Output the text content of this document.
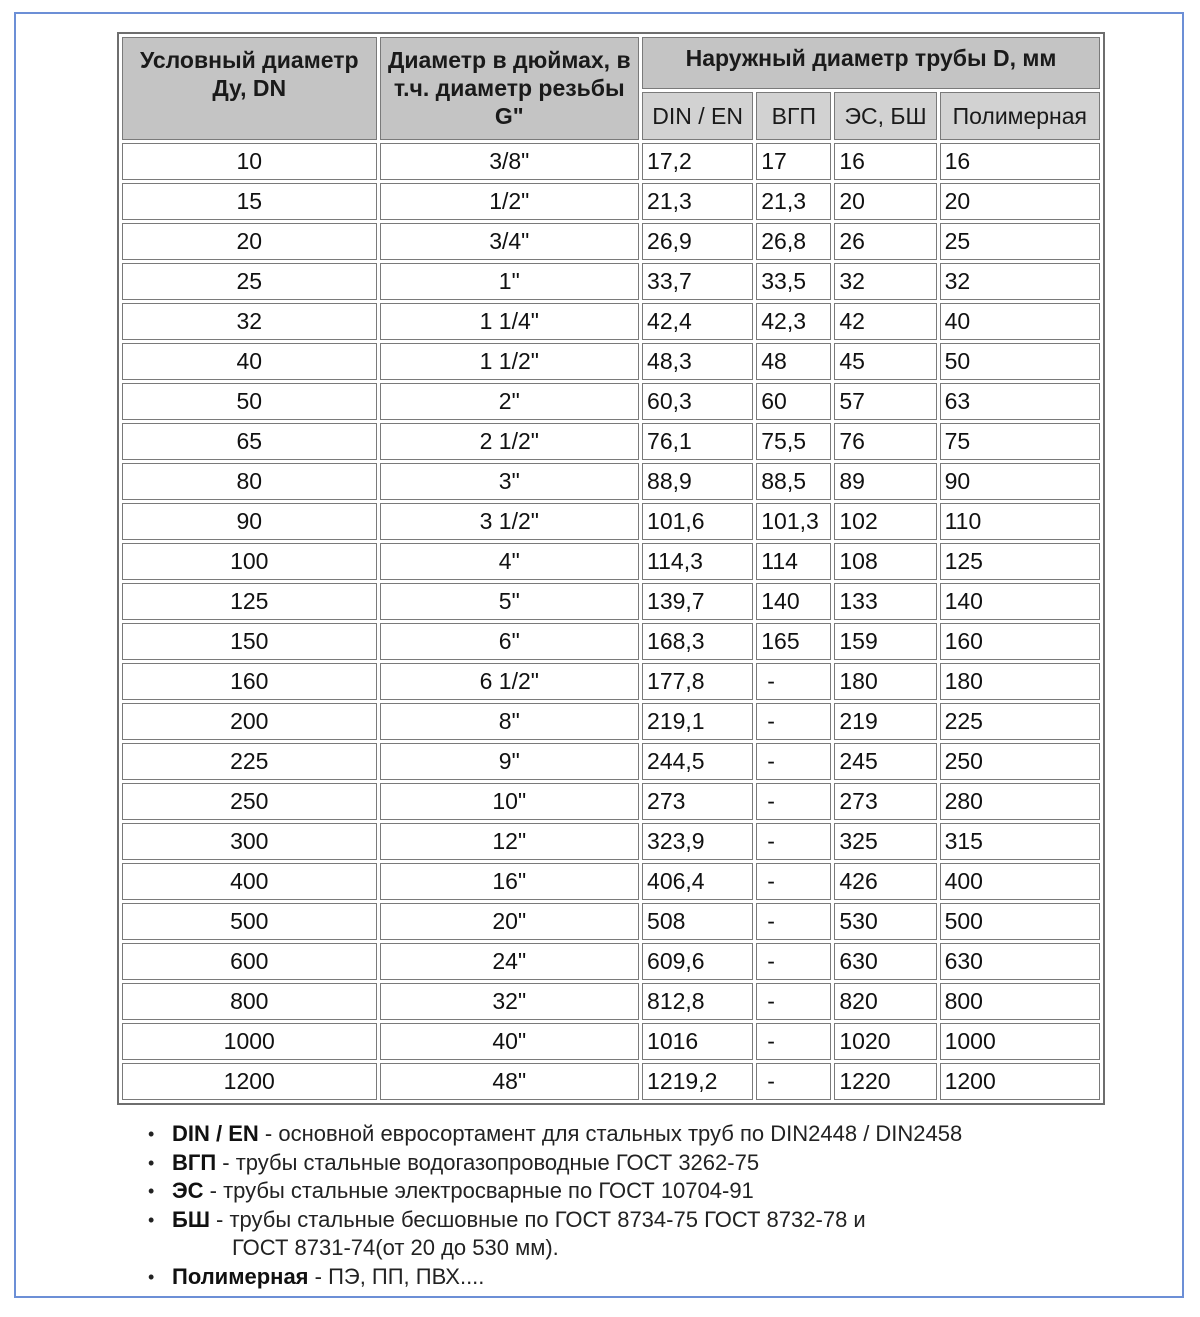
Условный диаметр Ду, DN	Диаметр в дюймах, в т.ч. диаметр резьбы G"	Наружный диаметр трубы D, мм			
		DIN / EN	ВГП	ЭС, БШ	Полимерная
10	3/8"	17,2	17	16	16
15	1/2"	21,3	21,3	20	20
20	3/4"	26,9	26,8	26	25
25	1"	33,7	33,5	32	32
32	1 1/4"	42,4	42,3	42	40
40	1 1/2"	48,3	48	45	50
50	2"	60,3	60	57	63
65	2 1/2"	76,1	75,5	76	75
80	3"	88,9	88,5	89	90
90	3 1/2"	101,6	101,3	102	110
100	4"	114,3	114	108	125
125	5"	139,7	140	133	140
150	6"	168,3	165	159	160
160	6 1/2"	177,8	-	180	180
200	8"	219,1	-	219	225
225	9"	244,5	-	245	250
250	10"	273	-	273	280
300	12"	323,9	-	325	315
400	16"	406,4	-	426	400
500	20"	508	-	530	500
600	24"	609,6	-	630	630
800	32"	812,8	-	820	800
1000	40"	1016	-	1020	1000
1200	48"	1219,2	-	1220	1200
• DIN / EN - основной евросортамент для стальных труб по DIN2448 / DIN2458
• ВГП - трубы стальные водогазопроводные ГОСТ 3262-75
• ЭС - трубы стальные электросварные по ГОСТ 10704-91
• БШ - трубы стальные бесшовные по ГОСТ 8734-75 ГОСТ 8732-78 и
ГОСТ 8731-74(от 20 до 530 мм).
• Полимерная - ПЭ, ПП, ПВХ....
